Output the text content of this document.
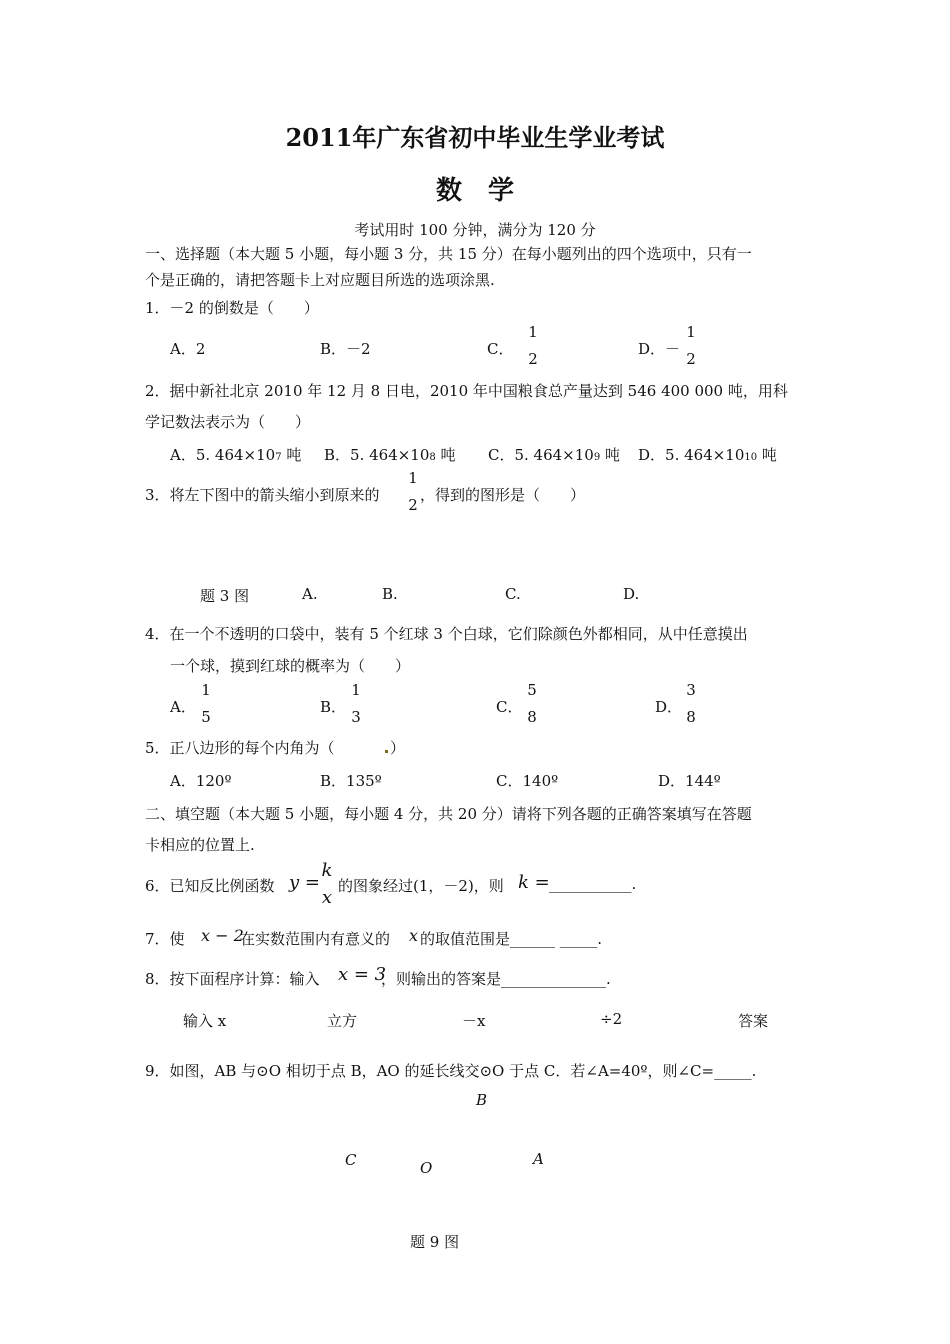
2011年广东省初中毕业生学业考试
数　学
考试用时 100 分钟，满分为 120 分
一、选择题（本大题 5 小题，每小题 3 分，共 15 分）在每小题列出的四个选项中，只有一
个是正确的，请把答题卡上对应题目所选的选项涂黑.
1．－2 的倒数是（　　）
A．2	B．－2	C．
1
2
D．－
1
2
2．据中新社北京 2010 年 12 月 8 日电，2010 年中国粮食总产量达到 546 400 000 吨，用科
学记数法表示为（　　）
A．5. 464×107 吨 B．5. 464×108 吨 C．5. 464×109 吨 D．5. 464×1010 吨
3．将左下图中的箭头缩小到原来的
1
2
，得到的图形是（　　）
题 3 图	A.	B.	C.	D.
4．在一个不透明的口袋中，装有 5 个红球 3 个白球，它们除颜色外都相同，从中任意摸出
一个球，摸到红球的概率为（　　）
A．
1
5
B．
1
3
C．
5
8
D．
3
8
5．正八边形的每个内角为（	）
A．120º	B．135º	C．140º	D．144º
二、填空题（本大题 5 小题，每小题 4 分，共 20 分）请将下列各题的正确答案填写在答题
卡相应的位置上.
6．已知反比例函数 y =
k
x
的图象经过(1，－2)，则 k = ___________.
7．使 x − 2
在实数范围内有意义的 x 的取值范围是______ _____.
8．按下面程序计算：输入 x = 3
，则输出的答案是______________.
输入 x	立方	－x	÷2	答案
9．如图，AB 与⊙O 相切于点 B，AO 的延长线交⊙O 于点 C．若∠A=40º，则∠C=_____.
B
C	O	A
题 9 图
